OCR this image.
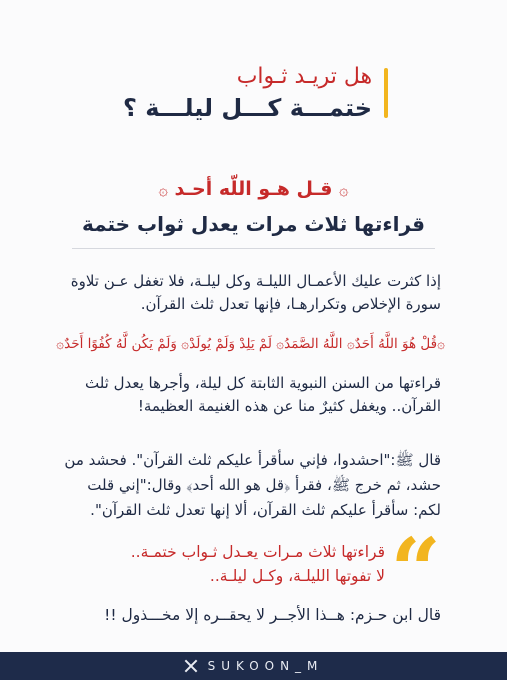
هل تريـد ثـواب
ختمـــة كـــل ليلـــة ؟
۞ قـل هـو اللّه أحـد ۞
قراءتها ثلاث مرات يعدل ثواب ختمة
إذا كثرت عليك الأعمـال الليلـة وكل ليلـة، فلا تغفل عـن تلاوة سورة الإخلاص وتكرارهـا، فإنها تعدل ثلث القرآن.
۞قُلْ هُوَ اللَّهُ أَحَدٌ۞ اللَّهُ الصَّمَدُ۞ لَمْ يَلِدْ وَلَمْ يُولَدْ۞ وَلَمْ يَكُن لَّهُ كُفُوًا أَحَدٌ۞
قراءتها من السنن النبوية الثابتة كل ليلة، وأجرها يعدل ثلث القرآن.. ويغفل كثيرٌ منا عن هذه الغنيمة العظيمة!
قال ﷺ:"احشدوا، فإني سأقرأ عليكم ثلث القرآن". فحشد من حشد، ثم خرج ﷺ، فقرأ ﴿قل هو الله أحد﴾ وقال:"إني قلت لكم: سأقرأ عليكم ثلث القرآن، ألا إنها تعدل ثلث القرآن".
“
قراءتها ثلاث مـرات يعـدل ثـواب ختمـة..
لا تفوتها الليلـة، وكـل ليلـة..
قال ابن حـزم: هــذا الأجــر لا يحقــره إلا مخـــذول !!
SUKOON_M
